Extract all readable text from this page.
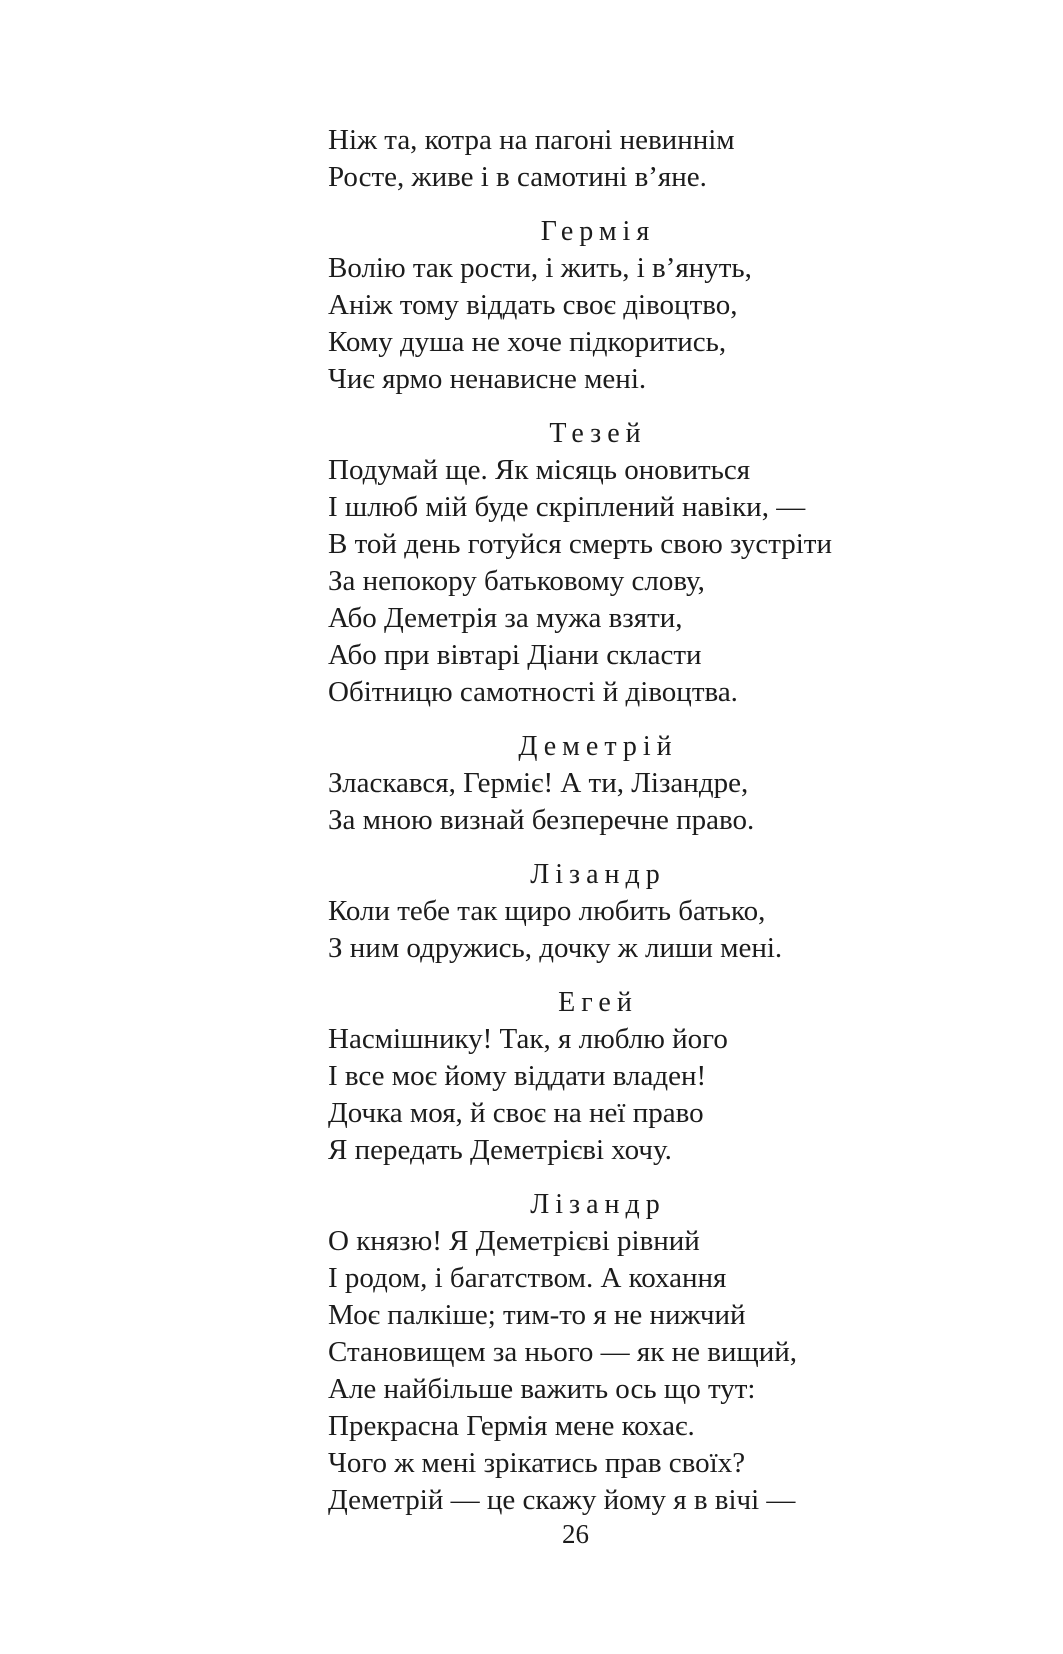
Ніж та, котра на пагоні невиннім
Росте, живе і в самотині в’яне.
Гермія
Волію так рости, і жить, і в’януть,
Аніж тому віддать своє дівоцтво,
Кому душа не хоче підкоритись,
Чиє ярмо ненависне мені.
Тезей
Подумай ще. Як місяць оновиться
І шлюб мій буде скріплений навіки, —
В той день готуйся смерть свою зустріти
За непокору батьковому слову,
Або Деметрія за мужа взяти,
Або при вівтарі Діани скласти
Обітницю самотності й дівоцтва.
Деметрій
Зласкався, Герміє! А ти, Лізандре,
За мною визнай безперечне право.
Лізандр
Коли тебе так щиро любить батько,
З ним одружись, дочку ж лиши мені.
Егей
Насмішнику! Так, я люблю його
І все моє йому віддати владен!
Дочка моя, й своє на неї право
Я передать Деметрієві хочу.
Лізандр
О князю! Я Деметрієві рівний
І родом, і багатством. А кохання
Моє палкіше; тим-то я не нижчий
Становищем за нього — як не вищий,
Але найбільше важить ось що тут:
Прекрасна Гермія мене кохає.
Чого ж мені зрікатись прав своїх?
Деметрій — це скажу йому я в вічі —
26
